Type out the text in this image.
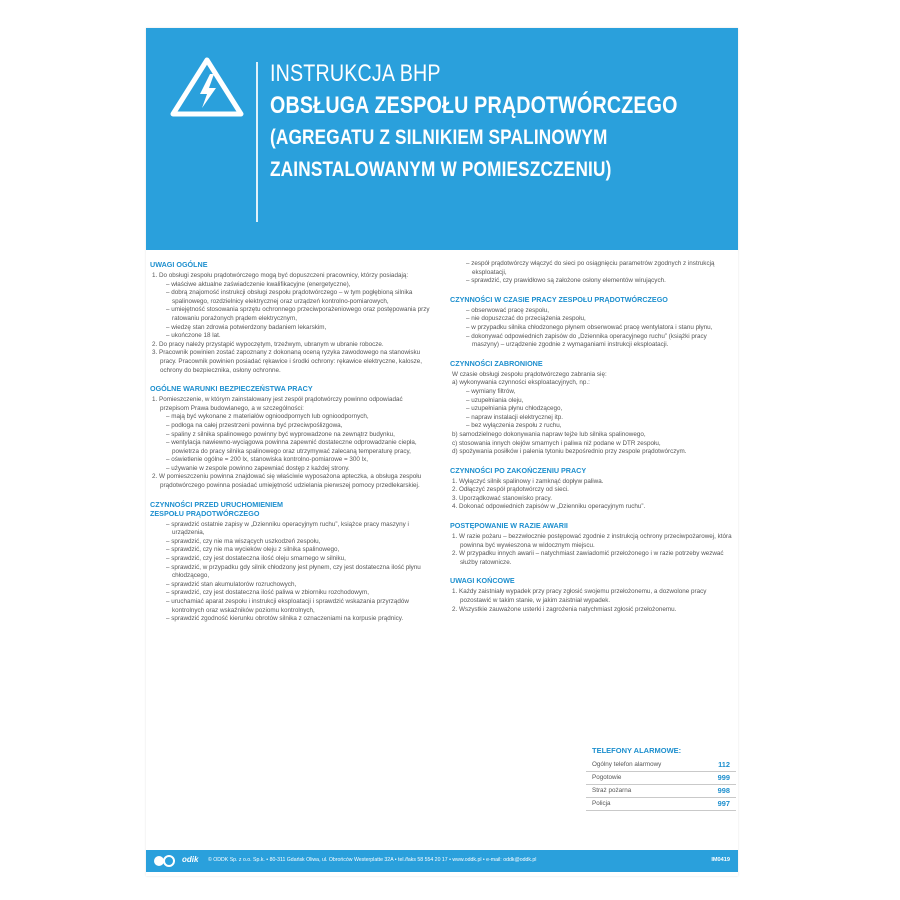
INSTRUKCJA BHP
OBSŁUGA ZESPOŁU PRĄDOTWÓRCZEGO
(AGREGATU Z SILNIKIEM SPALINOWYM
ZAINSTALOWANYM W POMIESZCZENIU)
UWAGI OGÓLNE

1. Do obsługi zespołu prądotwórczego mogą być dopuszczeni pracownicy, którzy posiadają:

– właściwe aktualne zaświadczenie kwalifikacyjne (energetyczne),

– dobrą znajomość instrukcji obsługi zespołu prądotwórczego – w tym pogłębioną silnika spalinowego, rozdzielnicy elektrycznej oraz urządzeń kontrolno-pomiarowych,

– umiejętność stosowania sprzętu ochronnego przeciwporażeniowego oraz postępowania przy ratowaniu porażonych prądem elektrycznym,

– wiedzę stan zdrowia potwierdzony badaniem lekarskim,

– ukończone 18 lat.

2. Do pracy należy przystąpić wypoczętym, trzeźwym, ubranym w ubranie robocze.

3. Pracownik powinien zostać zapoznany z dokonaną oceną ryzyka zawodowego na stanowisku pracy. Pracownik powinien posiadać rękawice i środki ochrony: rękawice elektryczne, kalosze, ochrony do bezpiecznika, osłony ochronne.

OGÓLNE WARUNKI BEZPIECZEŃSTWA PRACY

1. Pomieszczenie, w którym zainstalowany jest zespół prądotwórczy powinno odpowiadać przepisom Prawa budowlanego, a w szczególności:

– mają być wykonane z materiałów ognioodpornych lub ognioodpornych,

– podłoga na całej przestrzeni powinna być przeciwpoślizgowa,

– spaliny z silnika spalinowego powinny być wyprowadzone na zewnątrz budynku,

– wentylacja nawiewno-wyciągowa powinna zapewnić dostateczne odprowadzanie ciepła, powietrza do pracy silnika spalinowego oraz utrzymywać zalecaną temperaturę pracy,

– oświetlenie ogólne = 200 lx, stanowiska kontrolno-pomiarowe = 300 lx,

– używanie w zespole powinno zapewniać dostęp z każdej strony.

2. W pomieszczeniu powinna znajdować się właściwie wyposażona apteczka, a obsługa zespołu prądotwórczego powinna posiadać umiejętność udzielania pierwszej pomocy przedlekarskiej.

CZYNNOŚCI PRZED URUCHOMIENIEM
ZESPOŁU PRĄDOTWÓRCZEGO

– sprawdzić ostatnie zapisy w „Dzienniku operacyjnym ruchu”, książce pracy maszyny i urządzenia,

– sprawdzić, czy nie ma wiszących uszkodzeń zespołu,

– sprawdzić, czy nie ma wycieków oleju z silnika spalinowego,

– sprawdzić, czy jest dostateczna ilość oleju smarnego w silniku,

– sprawdzić, w przypadku gdy silnik chłodzony jest płynem, czy jest dostateczna ilość płynu chłodzącego,

– sprawdzić stan akumulatorów rozruchowych,

– sprawdzić, czy jest dostateczna ilość paliwa w zbiorniku rozchodowym,

– uruchamiać aparat zespołu i instrukcji eksploatacji i sprawdzić wskazania przyrządów kontrolnych oraz wskaźników poziomu kontrolnych,

– sprawdzić zgodność kierunku obrotów silnika z oznaczeniami na korpusie prądnicy.

– zespół prądotwórczy włączyć do sieci po osiągnięciu parametrów zgodnych z instrukcją eksploatacji,

– sprawdzić, czy prawidłowo są założone osłony elementów wirujących.

CZYNNOŚCI W CZASIE PRACY ZESPOŁU PRĄDOTWÓRCZEGO

– obserwować pracę zespołu,

– nie dopuszczać do przeciążenia zespołu,

– w przypadku silnika chłodzonego płynem obserwować pracę wentylatora i stanu płynu,

– dokonywać odpowiednich zapisów do „Dziennika operacyjnego ruchu” (książki pracy maszyny) – urządzenie zgodnie z wymaganiami instrukcji eksploatacji.

CZYNNOŚCI ZABRONIONE

W czasie obsługi zespołu prądotwórczego zabrania się:

a) wykonywania czynności eksploatacyjnych, np.:

– wymiany filtrów,

– uzupełniania oleju,

– uzupełniania płynu chłodzącego,

– napraw instalacji elektrycznej itp.

– bez wyłączenia zespołu z ruchu,

b) samodzielnego dokonywania napraw tejże lub silnika spalinowego,

c) stosowania innych olejów smarnych i paliwa niż podane w DTR zespołu,

d) spożywania posiłków i palenia tytoniu bezpośrednio przy zespole prądotwórczym.

CZYNNOŚCI PO ZAKOŃCZENIU PRACY

1. Wyłączyć silnik spalinowy i zamknąć dopływ paliwa.

2. Odłączyć zespół prądotwórczy od sieci.

3. Uporządkować stanowisko pracy.

4. Dokonać odpowiednich zapisów w „Dzienniku operacyjnym ruchu”.

POSTĘPOWANIE W RAZIE AWARII

1. W razie pożaru – bezzwłocznie postępować zgodnie z instrukcją ochrony przeciwpożarowej, która powinna być wywieszona w widocznym miejscu.

2. W przypadku innych awarii – natychmiast zawiadomić przełożonego i w razie potrzeby wezwać służby ratownicze.

UWAGI KOŃCOWE

1. Każdy zaistniały wypadek przy pracy zgłosić swojemu przełożonemu, a dozwolone pracy pozostawić w takim stanie, w jakim zaistniał wypadek.

2. Wszystkie zauważone usterki i zagrożenia natychmiast zgłosić przełożonemu.

TELEFONY ALARMOWE:
Ogólny telefon alarmowy	112
Pogotowie	999
Straż pożarna	998
Policja	997
odik © ODDK Sp. z o.o. Sp.k. • 80-311 Gdańsk Oliwa, ul. Obrońców Westerplatte 32A • tel./faks 58 554 20 17 • www.oddk.pl • e-mail: oddk@oddk.pl	IM0419
